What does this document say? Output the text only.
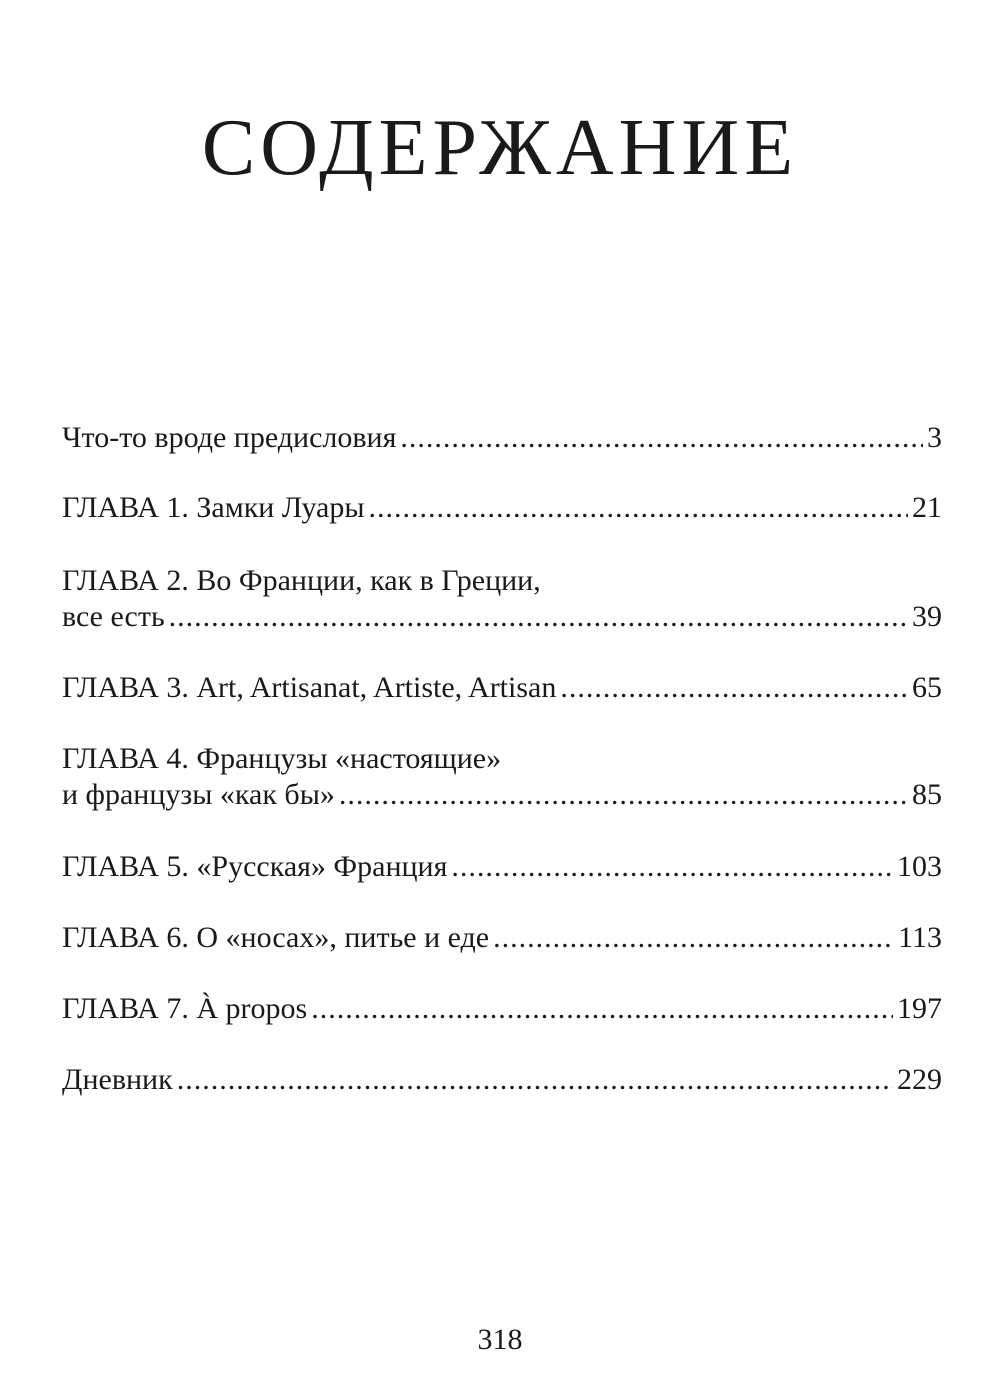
СОДЕРЖАНИЕ
Что-то вроде предисловия .....	3
ГЛАВА 1. Замки Луары .....	21
ГЛАВА 2. Во Франции, как в Греции,
все есть .....	39
ГЛАВА 3. Art, Artisanat, Artiste, Artisan .....	65
ГЛАВА 4. Французы «настоящие»
и французы «как бы» .....	85
ГЛАВА 5. «Русская» Франция .....	103
ГЛАВА 6. О «носах», питье и еде .....	113
ГЛАВА 7. À propos .....	197
Дневник .....	229
318
